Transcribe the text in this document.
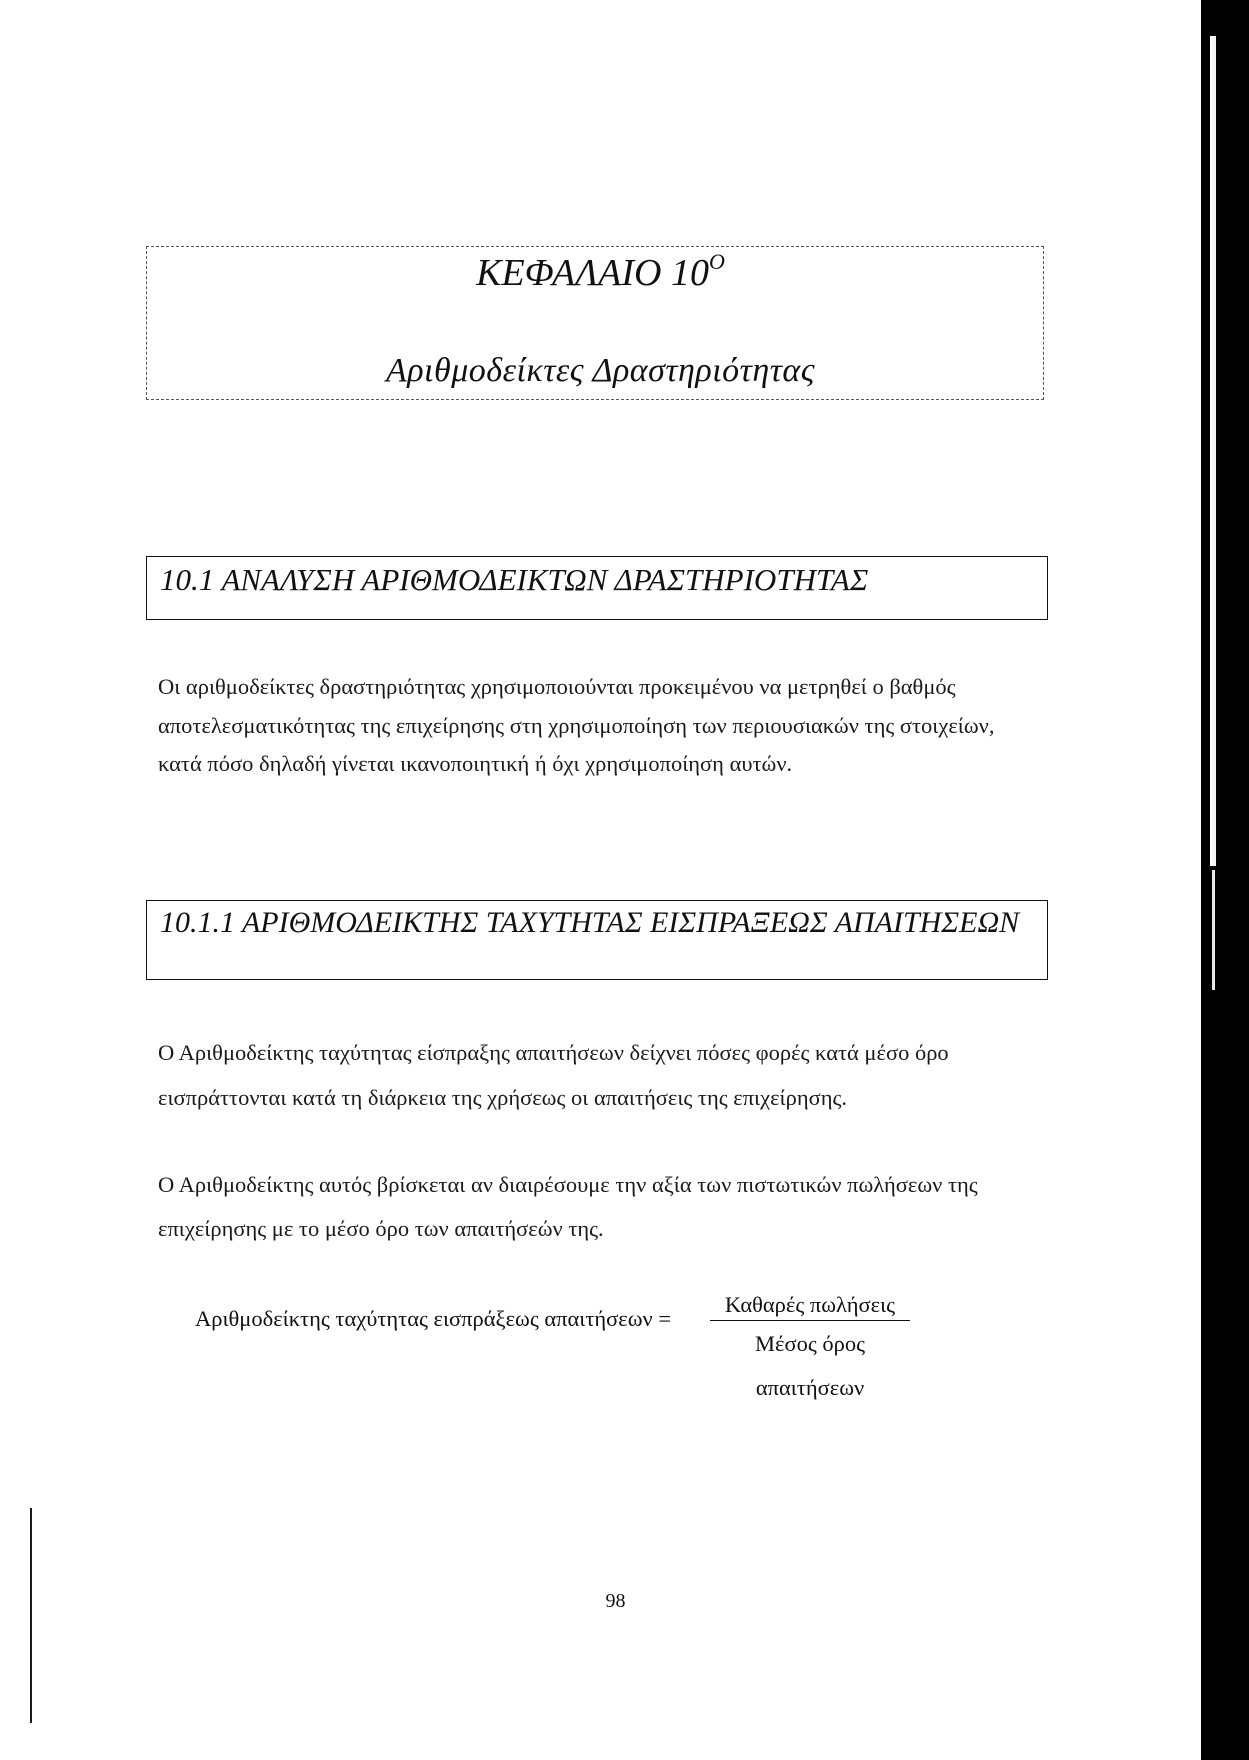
ΚΕΦΑΛΑΙΟ $10^O$
Αριθμοδείκτες Δραστηριότητας
10.1 ΑΝΑΛΥΣΗ ΑΡΙΘΜΟΔΕΙΚΤΩΝ ΔΡΑΣΤΗΡΙΟΤΗΤΑΣ
Οι αριθμοδείκτες δραστηριότητας χρησιμοποιούνται προκειμένου να μετρηθεί ο βαθμός αποτελεσματικότητας της επιχείρησης στη χρησιμοποίηση των περιουσιακών της στοιχείων, κατά πόσο δηλαδή γίνεται ικανοποιητική ή όχι χρησιμοποίηση αυτών.
10.1.1 ΑΡΙΘΜΟΔΕΙΚΤΗΣ ΤΑΧΥΤΗΤΑΣ ΕΙΣΠΡΑΞΕΩΣ ΑΠΑΙΤΗΣΕΩΝ
Ο Αριθμοδείκτης ταχύτητας είσπραξης απαιτήσεων δείχνει πόσες φορές κατά μέσο όρο εισπράττονται κατά τη διάρκεια της χρήσεως οι απαιτήσεις της επιχείρησης.
Ο Αριθμοδείκτης αυτός βρίσκεται αν διαιρέσουμε την αξία των πιστωτικών πωλήσεων της επιχείρησης με το μέσο όρο των απαιτήσεών της.
Αριθμοδείκτης ταχύτητας εισπράξεως απαιτήσεων =
Καθαρές πωλήσεις
Μέσος όρος
απαιτήσεων
98
